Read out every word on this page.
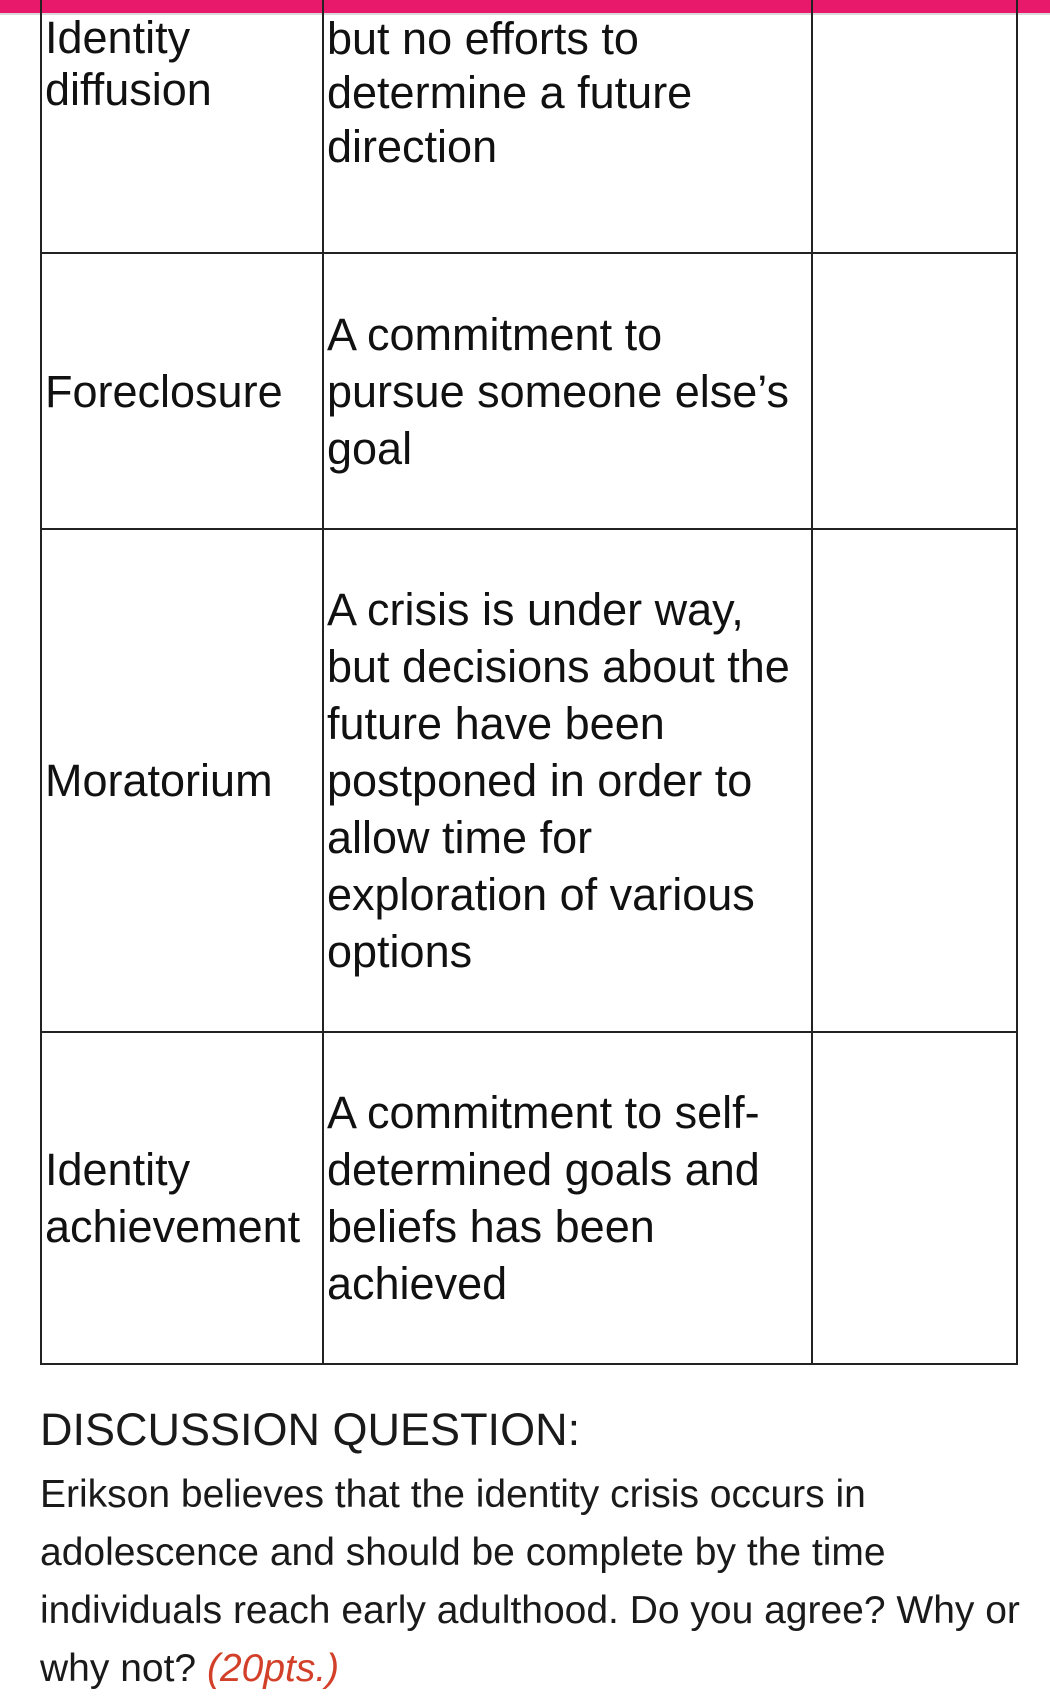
Identity diffusion	but no efforts to determine a future direction	
Foreclosure	A commitment to pursue someone else’s goal	
Moratorium	A crisis is under way, but decisions about the future have been postponed in order to allow time for exploration of various options	
Identity achievement	A commitment to self-determined goals and beliefs has been achieved	
DISCUSSION QUESTION:

Erikson believes that the identity crisis occurs in adolescence and should be complete by the time individuals reach early adulthood. Do you agree? Why or why not? (20pts.)
